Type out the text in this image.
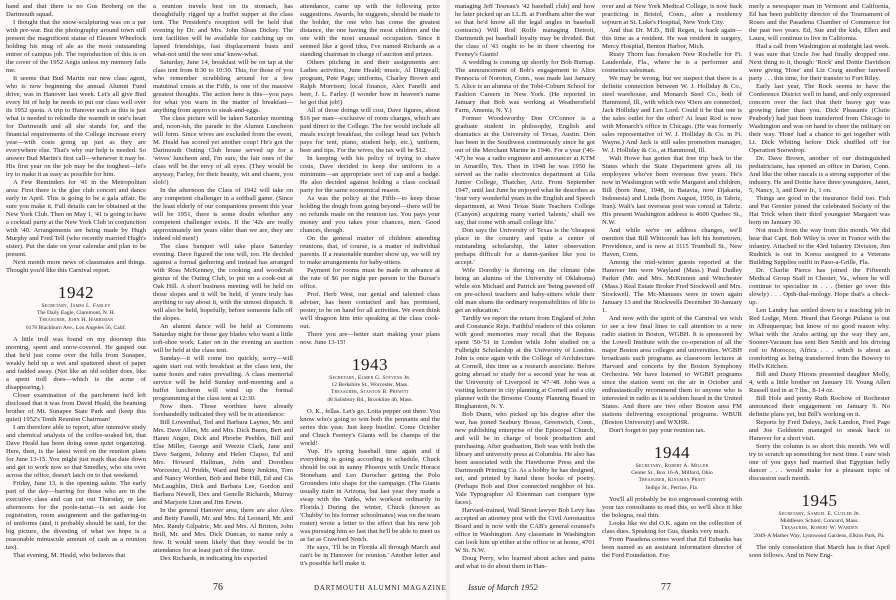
hand and that there is no Gus Broberg on the Dartmouth squad.

I thought that the snow-sculpturing was on a par with pre-war. But the photography around town still present the magnificent statue of Eleanor Wheelock holding his mug of ale as the most outstanding entree of campus job. The reproduction of this is on the cover of the 1952 Aegis unless my memory fails me.

It seems that Bud Martin our new class agent, who is now beginning the annual Alumni Fund drive, was in Hanover last week. Let's all give Bud every bit of help he needs to put our class well over its 1952 quota. A trip to Hanover such as this is just what is needed to rekindle the warmth in one's heart for Dartmouth and all she stands for, and the financial requirements of the College increase every year—with costs going up just as they are everywhere else. That's why our help is needed. So answer Bud Martin's first call—whenever it may be. His first year on the job may be the toughest—let's try to make it as easy as possible for him.

A Few Reminders for '41 in the Metropolitan area: First there is the glee club concert and dance early in April. This is going to be a gala affair. Be sure you make it. Full details can be obtained at the New York Club. Then on May 1, '41 is going to have a cocktail party at the New York Club in conjunction with '40. Arrangements are being made by Hugh Murphy and Fred Tell (who recently married Hugh's sister). Put the date on your calendar and plan to be present.

Next month more news of classmates and things. Thought you'd like this Carnival report.

1942
Secretary, James L. Farley
The Daily Eagle, Claremont, N. H.
Treasurer, John H. Harriman
6178 Blackburn Ave., Los Angeles 56, Calif.

A little troll was found on my doorstep this morning, spent and snow-covered. He gasped out that he'd just come over the hills from Sunapee, weakly held up a wet and spattered sheet of paper and fadded away. (Not like an old soldier does, like a spent troll does—which is the acme of disappearing.)

Closer examination of the parchment he'd left disclosed that it was from David Heald, the beaming brother of Mt. Sunapee State Park and (keep this quiet) 1952's Tenth Reunion Chairman!

I am therefore able to report, after intensive study and chemical analysis of the coffee-soaked bit, that Dave Heald has been doing some quiet organizing. Here, then, is the latest word on the reunion plans for June 13-15. You might just mark that date down and get to work now so that Smedley, who sits over across the office, doesn't latch on to that weekend.

Friday, June 13, is the opening salute. The early part of the day—barring for those who are in the executive class and can cut out Thursday, or late afternoons for the poole-tariat—is set aside for registration, room assignment and the gathering-in of uniforms (and, it probably should be said, for the big picture, the divesting of what we hope is a reasonable minuscule amount of cash as a reunion tax).

That evening, M. Heald, who believes that

a reunion travels best on its stomach, has thoughtfully rigged up a buffet supper at the class tent. The President's reception will be held that evening by Dr. and Mrs. John Sloan Dickey. The tent facilities will be available for catching up on lapsed friendships, fast displacement busts and what-not until the wee sma' know-what.

Saturday, June 14, breakfast will be on tap at the class tent from 8:30 to 10:30. This, for those of you who remember scrabbling around for a few matutinal crusts at the Fifth, is one of the massive greatest thoughts. The action here is this—you pays for what you warn in the matter of breakfast—anything from approx to steak-and-eggs.

The class picture will be taken Saturday morning and, noon-ish, the parade to the Alumni Luncheon will form. Since wives are excluded from the event, M. Heald has scored yet another coup! He's got the Dartmouth Outing Club house served up for a 'wives' luncheon and, I'm sure, the fair ones of the class will be the envy of all eyes. (They would be anyway, Farley, for their beauty, wit and charm, you slob!)

In the afternoon the Class of 1942 will take on any competent challenger in a softball game. (Since the least elderly of our companions present this year will be 1951, there is some doubt whether any competent challenger exists. If the '42s are really approximately ten years older than we are, they are indeed old men!)

The class banquet will take place Saturday evening. Dave figured the one will, too. He decided against a formal gathering and instead has arranged with Ross McKenney, the cooking and woodcraft genius of the Outing Club, to put on a cook-out at Oak Hill. A short business meeting will be held on those slopes and it will be held, if yours truly has anything to say about it, with the utmost dispatch. It will also be held, hopefully, before someone falls off the slopes.

An alumni dance will be held at Commons Saturday night for those gay blades who want a little soft-shoe work. Later on in the evening an auction will be held at the class tent.

Sunday—it will come too quickly, sorry—will again start out with breakfast at the class tent, the same hours and rates prevailing. A class memorial service will be held Sunday mid-morning and a buffet luncheon will wind up the formal programming at the class tent at 12:30.

Now then. Those worthies have already forehandedly indicated they will be in attendance:

Bill Lowenthal, Ted and Barbara Laynes, Mr. and Mrs. Dave Allen, Mr. and Mrs. Dick Burns, Bert and Hanni Anger, Dick and Phoebe Peebles, Bill and Else Miller, George and Weezie Clark, Jane and Dave Sargent, Johnny and Helen Clapso, Ed and Mrs. Howard Hallman, John and Dorothea Worcester, Al Pridds, Ward and Betty Jenkins, Tom and Nancy Worthen, Bob and Bebe Hill, Ed and Cis McLaughlin, Dick and Barbara Lee, Gordon and Barbara Newell, Dex and Genelle Richards, Murray and Marjorie Linn and Jim Erwin.

In the general Hanover area, there are also Alex and Betty Fanelli, Mr. and Mrs. Ed Leonard, Mr. and Mrs. Randy Gilpatric, Mr. and Mrs. Al Britton, John Brill, Mr. and Mrs. Dick Duncan, to name only a few. It would seem likely that they would be in attendance for at least part of the time.

Dex Richards, in indicating his expected

attendance, came up with the following prize suggestions. Awards, he suggests, should be made to the bolder, the one who has come the greatest distance, the one having the most children and the one with the most unusual occupation. Since it seemed like a good idea, I've named Richards as a standing chairman in charge of auction and prizes.

Others pitching in and their assignments are: Ladies activities, June Heald; music, Al Dingwall; program, Pete Page; uniforms, Charley Brown and Ralph Morrison; local finance, Alex Fanelli and beer, J. L. Farley. (I wonder how in heaven's name he got that job!)

All of those doings will cost, Dave figures, about $16 per man—exclusive of room charges, which are paid direct to the College. The fee would include all meals except breakfast, the college head tax (which pays for tent, piano, student help, etc.), uniform, beer and tips. For the wives, the tax will be $12.

In keeping with his policy of trying to shave costs, Dave decided to keep the uniform to a minimum—an appropriate sort of cap and a badge. He also decided against holding a class cocktail party for the same economical reason.

As was the policy at the Fifth—to keep those holding the dough from going beyond—there will be no refunds made on the reunion tax. You pays your money and you takes your chances, men. Good chances, though.

On the general matter of children attending reunions, that, of course, is a matter of individual parents. If a reasonable number show up, we will try to make arrangements for baby-sitters.

Payment for rooms must be made in advance at the rate of $6 per night per person to the Bursar's office.

Prof. Herb West, our genial and talented class adviser, has been contacted and has promised, pester, to be on hand for all activities. We even think we'll dragoon him into speaking at the class cook-out.

There you are—better start making your plans now. June 13-15!

1943
Secretary, Elmer G. Stevens Jr.
12 Berkshire St., Worcester, Mass.
Treasurer, Stanton B. Prewitt
48 Salisbury Rd., Brookline 46, Mass.

O. K., fellas. Let's go. Lotta pepper out there. You know who's going to win both the pennants and the series this year. Just keep bustlin'. Come October and Chuck Feeney's Giants will be champs of the world!

Yup. It's spring baseball time again and if everything is going according to schedule, Chuck should be out in sunny Phoenix with Uncle Horace Stoneham and Leo Durocher getting the Polo Grounders into shape for the campaign. (The Giants usually train in Arizona, but last year they made a swap with the Yanks, who workout ordinarily in Florida.) During the winter, Chuck (known as 'Chubby' to his former schoolmates) was on the team roster) wrote a letter to the effect that his new job was pursuing him so fast that he'll be able to meet us as far as Crawford Notch.

He says, 'I'll be in Florida all through March and can't be in Hanover for reunion.' Another letter and it's possible he'll make it.

managing Jeff Tesreau's '42 baseball club) and how he later picked up an LL.B. at Fordham after the war so that he'd know all the legal angles in baseball contracts) Will Rod Rolfe managing Detroit, Dartmouth psi baseball loyalty may be divided. But the class of '43 ought to be in there cheering for Feeney's Giants!

A wedding is coming up shortly for Bob Burnap. The announcement of Bob's engagement to Alice Pennocia of Noroton, Conn., was made last January 5. Alice is an alumna of the Tobé-Coburn School for Fashion Careers in New York. (He reported in January that Bob was working at Weathersfield Farm, Amenia, N. Y.)

Former Woodsworthy Don O'Connor is a graduate student in philosophy, English and dramatics at the University of Texas, Austin. Don has been in the Southwest continuously since he got out of the Merchant Marine in 1946. For a year ('46-'47) he was a radio engineer and announcer at KTM in Amarillo, Tex. Then in 1948 he was 1950 he served as the radio electronics department at Gila Junior College, Thatcher, Ariz. From September 1947, until last June he enjoyed what he describes as 'four very wonderful years in the English and Speech department, at West Texas State Teachers College (Canyon) acquiring many varied 'talents,' shall we say, that come with small college life.'

Don says the University of Texas is the 'cheapest place in the country and quite a center of outstanding scholarship, the latter observation perhaps difficult for a damn-yankee like you to accept.'

Wife Dorothy is thriving on the climate (she being an alumna of the University of Oklahoma) while son Michael and Patrick are 'being pawned off on pre-school teachers and baby-sitters while their old man shuns the ordinary responsibilities of life to get an education.'

Tardily we report the return from England of John and Constance Rejn. Faithful readers of this column with good memories may recall that the Repaus spent '50-'51 in London while John studied on a Fulbright Scholarship at the University of London. John is once again with the College of Architecture at Cornell, this time as a research associate. Before going abroad to study for a second year he was at the University of Liverpool in '47-'48. John was a visiting lecturer in city planning at Cornell and a city planner with the Broome County Planning Board in Binghamton, N. Y.

Bob Dunn, who picked up his degree after the war, has joined Seabury House, Greenwich, Conn., new publishing enterprise of the Episcopal Church, and will be in charge of book production and purchasing. After graduation, Bob was with both the library and university press at Columbia. He also has been associated with the Hawthorne Press and the Dartmouth Printing Co. As a hobby he has designed, set, and printed by hand three books of poetry. (Perhaps Bob and Don connected neighbor of his. Yale Typographer Al Eisenman can compare type faces).

Harvard-trained, Wall Street lawyer Bob Levy has accepted an attorney post with the Civil Aeronautics Board and is now with the CAB's general counsel's office in Washington. Any classmate in Washington can look him up either at the office or at home, 4701 W St. N.W.

Doug Perry, who learned about aches and pains and what to do about them in Han-

over and at New York Medical College, is now back practicing in Bristol, Conn., after a residency sojourn at St. Luke's Hospital, New York City.

And that Dr. M.D., Bill Regen, is back again—this time as a resident. He was resident in surgery, Mercy Hospital, Benton Harbor, Mich.

Rusty Thorn has forsaken New Rochelle for Ft. Lauderdale, Fla., where he is a performer and cosmetics salesman.

We may be wrong, but we suspect that there is a definite connection between W. J. Holliday & Co., steel warehouse, and Monarch Steel Co., both of Hammond, Ill., with which two '43ers are connected, Jack Holliday and Len Lord. Could it be that one is the sales outlet for the other? At least Rod is now with Monarch's office in Chicago. (He was formerly sales representative of W. J. Holliday & Co. in Ft. Wayne.) And Jack is still sales promotion manager, W. J. Holliday & Co., at Hammond, Ill.

Walt Howe has gotten that free trip back to the States which the State Department gives all its employees who've been overseas five years. He's now in Washington with wife Margaret and children, Bill (born June, 1948, in Batavia, now Djakarta, Indonesia) and Linda (born August, 1950, in Tabriz, Iran). Walt's last overseas post was consul at Tabriz. His present Washington address is 4600 Quebec St., N.W.

And while we're on address changes, we'll mention that Bill Whitcomb has left his hometown, Providence, and is now at 3115 Trumbull St., New Haven, Conn.

Among the mid-winter guests reported at the Hanover Inn were Wayland (Mass.) Paul Dudley Parker (Mr. and Mrs. McKinnon and Winchester (Mass.) Real Estate Broker Fred Stockwell and Mrs. Stockwell. The Mc-Manuses were in town again January 13 and the Stockwells December 30-January 1.

And now with the spirit of the Carnival we wish to see a few final lines to call attention to a new radio station in Boston, WGBH. It is sponsored by the Lowell Institute with the co-operation of all the major Boston area colleges and universities. WGBH broadcasts such programs as classroom lectures at Harvard and concerts by the Boston Symphony Orchestra. We have listened to WGBH programs since the station went on the air in October and enthusiastically recommend them to anyone who is interested in radio as it is seldom heard in the United States. And there are two other Boston area FM stations delivering exceptional programs. WBUR (Boston University) and WXHR.

Don't forget to pay your reunion tax.

1944
Secretary, Robert A. Miller
Center St., Box 16-A, Milford, Ohio
Treasurer, Kingman Pratt
Indigo St., Perrine, Fla.

You'll all probably be too engrossed conning with your tax consultants to read this, so we'll slice it like the bologna, real thin.

Looks like we did O.K. again on the collection of class dues. Speaking for Gus, thanks very much.

From Pasadena comes word that Ed Eubanks has been named as an assistant information director of the Ford Foundation. For-

merly a newspaper man in Vermont and California, Ed has been publicity director of the Tournament of Roses and the Pasadena Chamber of Commerce for the past two years. Ed, Sue and the kids, Ellen and Laura, will continue to live in California.

Had a call from Washington at midnight last week. I was sure that Uncle Joe had finally dropped one. Next thing to it, though: 'Rock' and Dottie Davidson were giving 'Hose' and Liz Craig another farewell party . . . this time, for their transfer to Fort Riley.

Early last year, The Rock seems to have the Conference District well in hand, and only expressed concern over the fact that their heavy guy was growing fatter than you. Dick Pleasants (Clutie Peabody) had just been transferred from Chicago to Washington and was on hand to cheer the military on their way. 'Hose' had a chance to get together with Lt. Dick Whiting before Dick shuffled off for Operation Snowdrop.

Dr. Dave Brown, another of our distinguished pediatricians, has opened an office in Darien, Conn. And like the other rascals is a strong supporter of the industry. He and Dottie have three youngsters, Janet, 5, Nancy, 3, and Dave Jr., 1 on.

Things are good in the insurance field too. Fish and Pat Grenier joined the celebrated Society of the Hat Trick when their third youngster Margaret was born on January 30.

Not much from the way from this month. We did hear that Capt. Bob Wiley is over in France with the infantry. Attached to the 43rd Infantry Division, Jim Rudnick is out in Korea assigned to a Veterans Building Supplies outfit in Paso-a-Grille, Fla.

Dr. Charlie Pierce has joined the Fifteenth Medical Group Staff in Chester, Va., where he will continue to specialize in . . . (better go over this slowly) . . . Opth-thal-mology. Hope that's a check-up.

Len Landry has settled down to a teaching job in Red Lodge, Mont. Heard that George Pulaise is out in Albuquerque; but know of no good reason why. What with the Arabs acting up the way they are, Sooner-Vacuum has sent Ben Smith and his driving rod to Morocco, Africa . . . which is about as comforting as being transferred from the Bowery to Hell's Kitchen.

Bill and Dusty Hirons presented daughter Molly, 4, with a little brother on January 19. Young Allen Russell tied in at 7 lbs., 8-14 oz.

Bill Hole and pretty Ruth Rochow of Rochester announced their engagement on January 9. No definite plans yet, but Bill's working on it.

Reports by Fred Daleys, Jack Landon, Fred Page and Joe Goldstein managed to sneak back to Hanover for a short visit.

Sorry the column is so short this month. We will try to scratch up something for next time. I sure wish one of you guys had married that Egyptian belly dancer . . . would make for a pleasant topic of discussion each month.

1945
Secretary, Samuel E. Cutler Jr.
Middlesex School, Concord, Mass.
Treasurer, Robert W. Warden
2049-A Mather Way, Lynnwood Gardens, Elkins Park, Pa.

The only consolation that March has is that April soon follows. And in New Eng-

76	DARTMOUTH ALUMNI MAGAZINE	Issue of March 1952	77
